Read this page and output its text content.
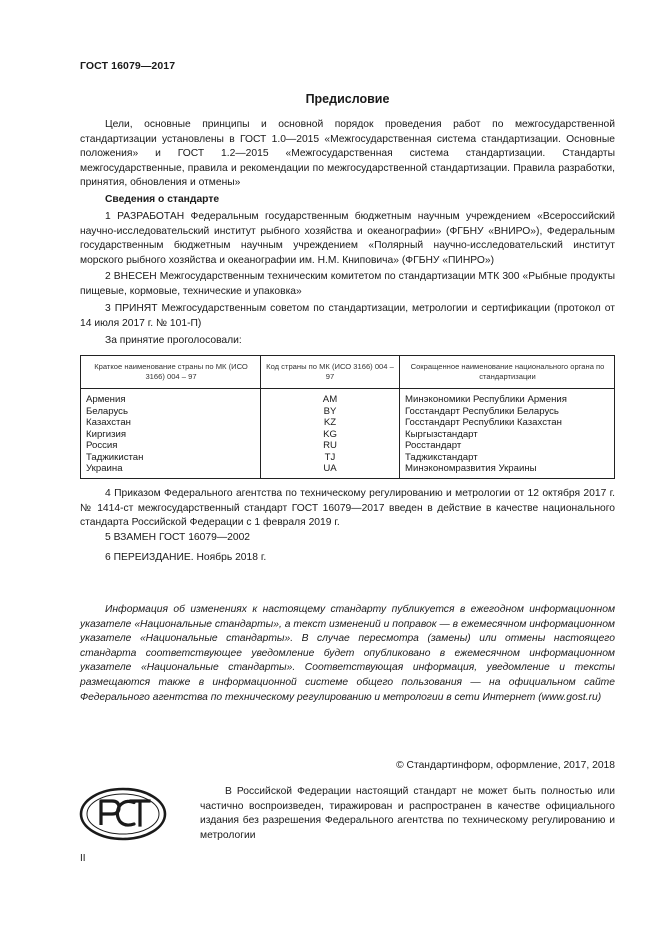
ГОСТ 16079—2017
Предисловие

Цели, основные принципы и основной порядок проведения работ по межгосударственной стандартизации установлены в ГОСТ 1.0—2015 «Межгосударственная система стандартизации. Основные положения» и ГОСТ 1.2—2015 «Межгосударственная система стандартизации. Стандарты межгосударственные, правила и рекомендации по межгосударственной стандартизации. Правила разработки, принятия, обновления и отмены»

Сведения о стандарте

1 РАЗРАБОТАН Федеральным государственным бюджетным научным учреждением «Всероссийский научно-исследовательский институт рыбного хозяйства и океанографии» (ФГБНУ «ВНИРО»), Федеральным государственным бюджетным научным учреждением «Полярный научно-исследовательский институт морского рыбного хозяйства и океанографии им. Н.М. Книповича» (ФГБНУ «ПИНРО»)

2 ВНЕСЕН Межгосударственным техническим комитетом по стандартизации МТК 300 «Рыбные продукты пищевые, кормовые, технические и упаковка»

3 ПРИНЯТ Межгосударственным советом по стандартизации, метрологии и сертификации (протокол от 14 июля 2017 г. № 101-П)

За принятие проголосовали:

Краткое наименование страны по МК (ИСО 3166) 004 – 97	Код страны по МК (ИСО 3166) 004 – 97	Сокращенное наименование национального органа по стандартизации
Армения	AM	Минэкономики Республики Армения
Беларусь	BY	Госстандарт Республики Беларусь
Казахстан	KZ	Госстандарт Республики Казахстан
Киргизия	KG	Кыргызстандарт
Россия	RU	Росстандарт
Таджикистан	TJ	Таджикстандарт
Украина	UA	Минэкономразвития Украины

4 Приказом Федерального агентства по техническому регулированию и метрологии от 12 октября 2017 г. № 1414-ст межгосударственный стандарт ГОСТ 16079—2017 введен в действие в качестве национального стандарта Российской Федерации с 1 февраля 2019 г.

5 ВЗАМЕН ГОСТ 16079—2002

6 ПЕРЕИЗДАНИЕ. Ноябрь 2018 г.

Информация об изменениях к настоящему стандарту публикуется в ежегодном информационном указателе «Национальные стандарты», а текст изменений и поправок — в ежемесячном информационном указателе «Национальные стандарты». В случае пересмотра (замены) или отмены настоящего стандарта соответствующее уведомление будет опубликовано в ежемесячном информационном указателе «Национальные стандарты». Соответствующая информация, уведомление и тексты размещаются также в информационной системе общего пользования — на официальном сайте Федерального агентства по техническому регулированию и метрологии в сети Интернет (www.gost.ru)

© Стандартинформ, оформление, 2017, 2018

В Российской Федерации настоящий стандарт не может быть полностью или частично воспроизведен, тиражирован и распространен в качестве официального издания без разрешения Федерального агентства по техническому регулированию и метрологии

II
